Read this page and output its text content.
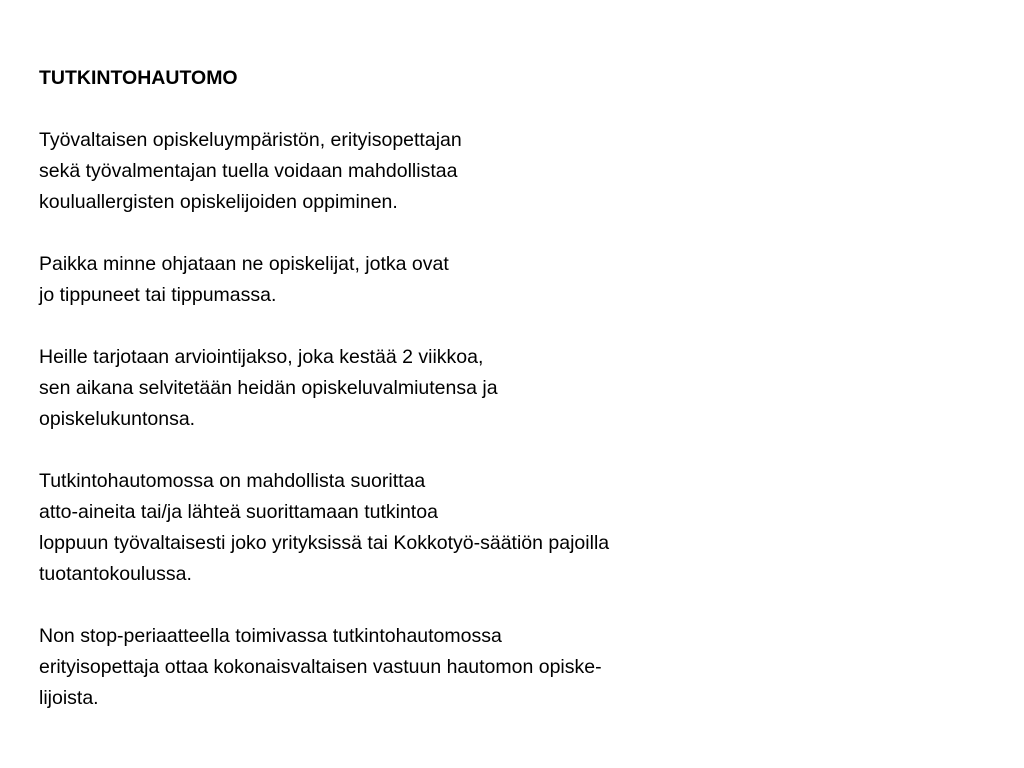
TUTKINTOHAUTOMO

Työvaltaisen opiskeluympäristön, erityisopettajan

sekä työvalmentajan tuella voidaan mahdollistaa

kouluallergisten opiskelijoiden oppiminen.

Paikka minne ohjataan ne opiskelijat, jotka ovat

jo tippuneet tai tippumassa.

Heille tarjotaan arviointijakso, joka kestää 2 viikkoa,

sen aikana selvitetään heidän opiskeluvalmiutensa ja

opiskelukuntonsa.

Tutkintohautomossa on mahdollista suorittaa

atto-aineita tai/ja lähteä suorittamaan tutkintoa

loppuun työvaltaisesti joko yrityksissä tai Kokkotyö-säätiön pajoilla

tuotantokoulussa.

Non stop-periaatteella toimivassa tutkintohautomossa

erityisopettaja ottaa kokonaisvaltaisen vastuun hautomon opiske-

lijoista.
